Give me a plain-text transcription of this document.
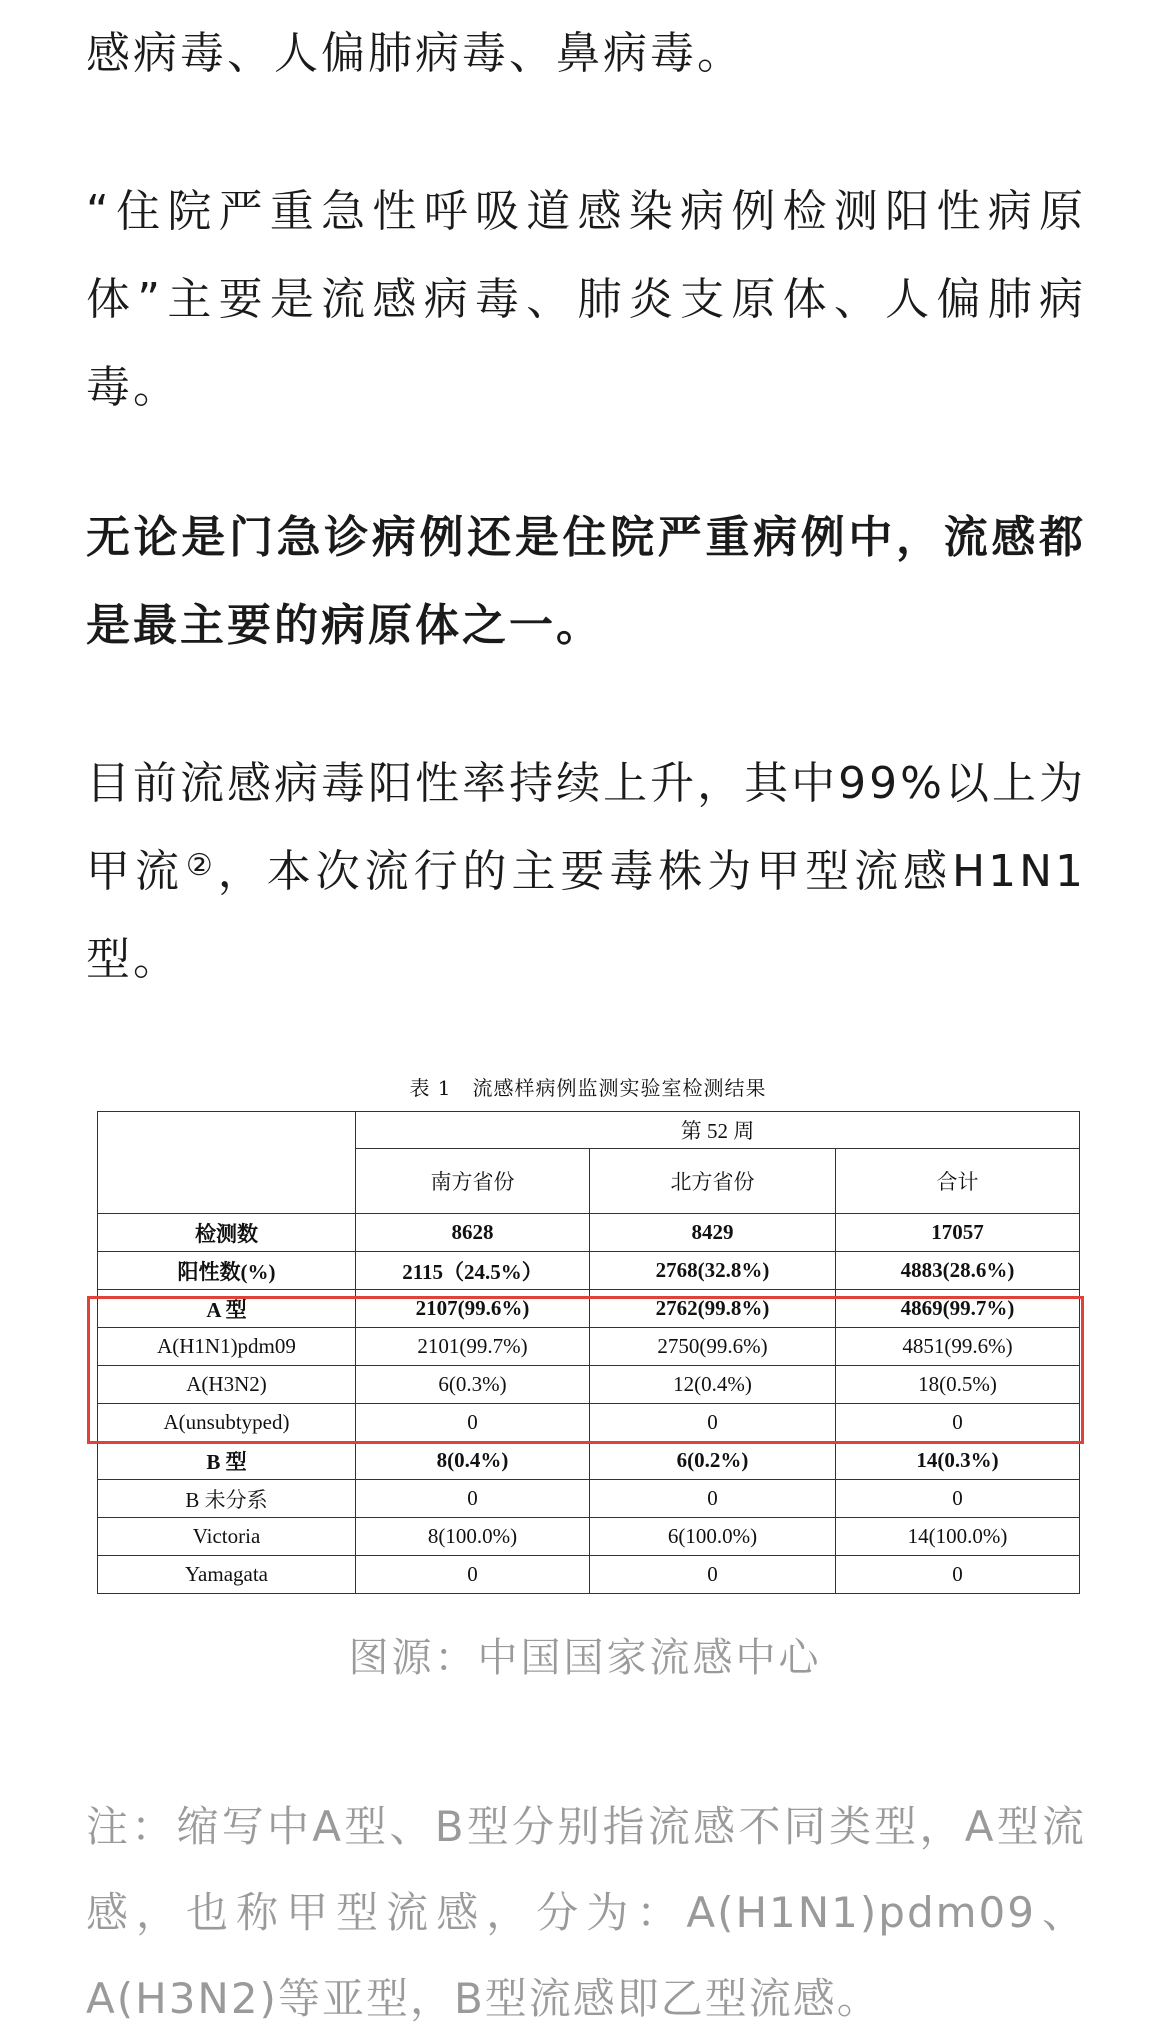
感病毒、人偏肺病毒、鼻病毒。

“住院严重急性呼吸道感染病例检测阳性病原体”主要是流感病毒、肺炎支原体、人偏肺病毒。

无论是门急诊病例还是住院严重病例中，流感都是最主要的病原体之一。

目前流感病毒阳性率持续上升，其中99%以上为甲流②，本次流行的主要毒株为甲型流感H1N1型。

表 1　流感样病例监测实验室检测结果
	第 52 周		
	南方省份	北方省份	合计
检测数	8628	8429	17057
阳性数(%)	2115（24.5%）	2768(32.8%)	4883(28.6%)
A 型	2107(99.6%)	2762(99.8%)	4869(99.7%)
A(H1N1)pdm09	2101(99.7%)	2750(99.6%)	4851(99.6%)
A(H3N2)	6(0.3%)	12(0.4%)	18(0.5%)
A(unsubtyped)	0	0	0
B 型	8(0.4%)	6(0.2%)	14(0.3%)
B 未分系	0	0	0
Victoria	8(100.0%)	6(100.0%)	14(100.0%)
Yamagata	0	0	0
图源：中国国家流感中心

注：缩写中A型、B型分别指流感不同类型，A型流感，也称甲型流感，分为：A(H1N1)pdm09、A(H3N2)等亚型，B型流感即乙型流感。
